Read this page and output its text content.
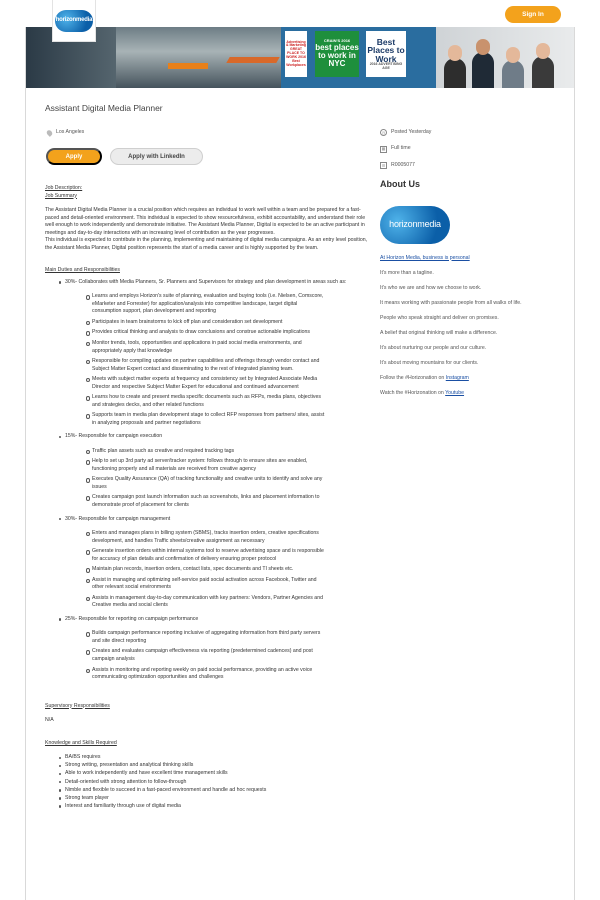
horizonmedia
Sign In
Advertising & Marketing GREAT PLACE TO WORK 2016 Best Workplaces
CRAIN'S 2016
best places to work in NYC
Best Places to Work
2016 ADVERTISING AGE
Assistant Digital Media Planner
Los Angeles
Apply	Apply with LinkedIn

Job Description:

Job Summary

The Assistant Digital Media Planner is a crucial position which requires an individual to work well within a team and be prepared for a fast-paced and detail-oriented environment. This individual is expected to show resourcefulness, exhibit accountability, and understand their role well enough to work independently and demonstrate initiative. The Assistant Media Planner, Digital is expected to be an active participant in meetings and day-to-day interactions with an increasing level of contribution as the year progresses.

This individual is expected to contribute in the planning, implementing and maintaining of digital media campaigns. As an entry level position, the Assistant Media Planner, Digital position represents the start of a media career and is highly supported by the team.

Main Duties and Responsibilities

30%- Collaborates with Media Planners, Sr. Planners and Supervisors for strategy and plan development in areas such as:
Learns and employs Horizon's suite of planning, evaluation and buying tools (i.e. Nielsen, Comscore, eMarketer and Forrester) for application/analysis into competitive landscape, target digital consumption support, plan development and reporting
Participates in team brainstorms to kick off plan and consideration set development
Provides critical thinking and analysis to draw conclusions and construe actionable implications
Monitor trends, tools, opportunities and applications in paid social media environments, and appropriately apply that knowledge
Responsible for compiling updates on partner capabilities and offerings through vendor contact and Subject Matter Expert contact and disseminating to the rest of integrated planning team.
Meets with subject matter experts at frequency and consistency set by Integrated Associate Media Director and respective Subject Matter Expert for educational and continued advancement
Learns how to create and present media specific documents such as RFPs, media plans, objectives and strategies decks, and other related functions
Supports team in media plan development stage to collect RFP responses from partners/ sites, assist in analyzing proposals and partner negotiations
15%- Responsible for campaign execution
Traffic plan assets such as creative and required tracking tags
Help to set up 3rd party ad server/tracker system: follows through to ensure sites are enabled, functioning properly and all materials are received from creative agency
Executes Quality Assurance (QA) of tracking functionality and creative units to identify and solve any issues
Creates campaign post launch information such as screenshots, links and placement information to demonstrate proof of placement for clients
30%- Responsible for campaign management
Enters and manages plans in billing system (SBMS), tracks insertion orders, creative specifications development, and handles Traffic sheets/creative assignment as necessary
Generate insertion orders within internal systems tool to reserve advertising space and is responsible for accuracy of plan details and confirmation of delivery ensuring proper protocol
Maintain plan records, insertion orders, contact lists, spec documents and TI sheets etc.
Assist in managing and optimizing self-service paid social activation across Facebook, Twitter and other relevant social environments
Assists in management day-to-day communication with key partners: Vendors, Partner Agencies and Creative media and social clients
25%- Responsible for reporting on campaign performance
Builds campaign performance reporting inclusive of aggregating information from third party servers and site direct reporting
Creates and evaluates campaign effectiveness via reporting (predetermined cadences) and post campaign analysis
Assists in monitoring and reporting weekly on paid social performance, providing an active voice communicating optimization opportunities and challenges

Supervisory Responsibilities

N/A

Knowledge and Skills Required

BA/BS requires
Strong writing, presentation and analytical thinking skills
Able to work independently and have excellent time management skills
Detail-oriented with strong attention to follow-through
Nimble and flexible to succeed in a fast-paced environment and handle ad hoc requests
Strong team player
Interest and familiarity through use of digital media
◷	Posted Yesterday
▦	Full time
☰	R0005077
About Us
horizonmedia

At Horizon Media, business is personal

It's more than a tagline.

It's who we are and how we choose to work.

It means working with passionate people from all walks of life.

People who speak straight and deliver on promises.

A belief that original thinking will make a difference.

It's about nurturing our people and our culture.

It's about moving mountains for our clients.

Follow the #Horizonation on Instagram

Watch the #Horizonation on Youtube
